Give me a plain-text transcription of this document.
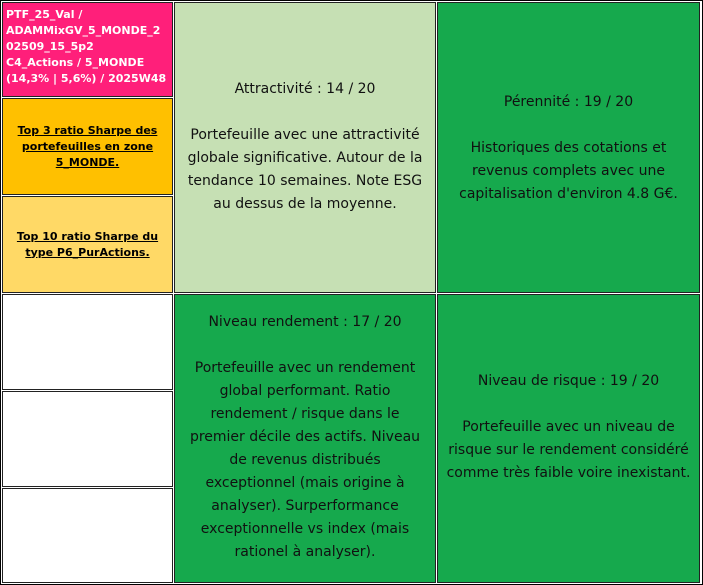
PTF_25_Val /
ADAMMixGV_5_MONDE_2
02509_15_5p2
C4_Actions / 5_MONDE
(14,3% | 5,6%) / 2025W48
Top 3 ratio Sharpe des portefeuilles en zone 5_MONDE.
Top 10 ratio Sharpe du type P6_PurActions.
Attractivité : 14 / 20
Portefeuille avec une attractivité globale significative. Autour de la tendance 10 semaines. Note ESG au dessus de la moyenne.
Pérennité : 19 / 20
Historiques des cotations et revenus complets avec une capitalisation d'environ 4.8 G€.
Niveau rendement : 17 / 20
Portefeuille avec un rendement global performant. Ratio rendement / risque dans le premier décile des actifs. Niveau de revenus distribués exceptionnel (mais origine à analyser). Surperformance exceptionnelle vs index (mais rationel à analyser).
Niveau de risque : 19 / 20
Portefeuille avec un niveau de risque sur le rendement considéré comme très faible voire inexistant.
